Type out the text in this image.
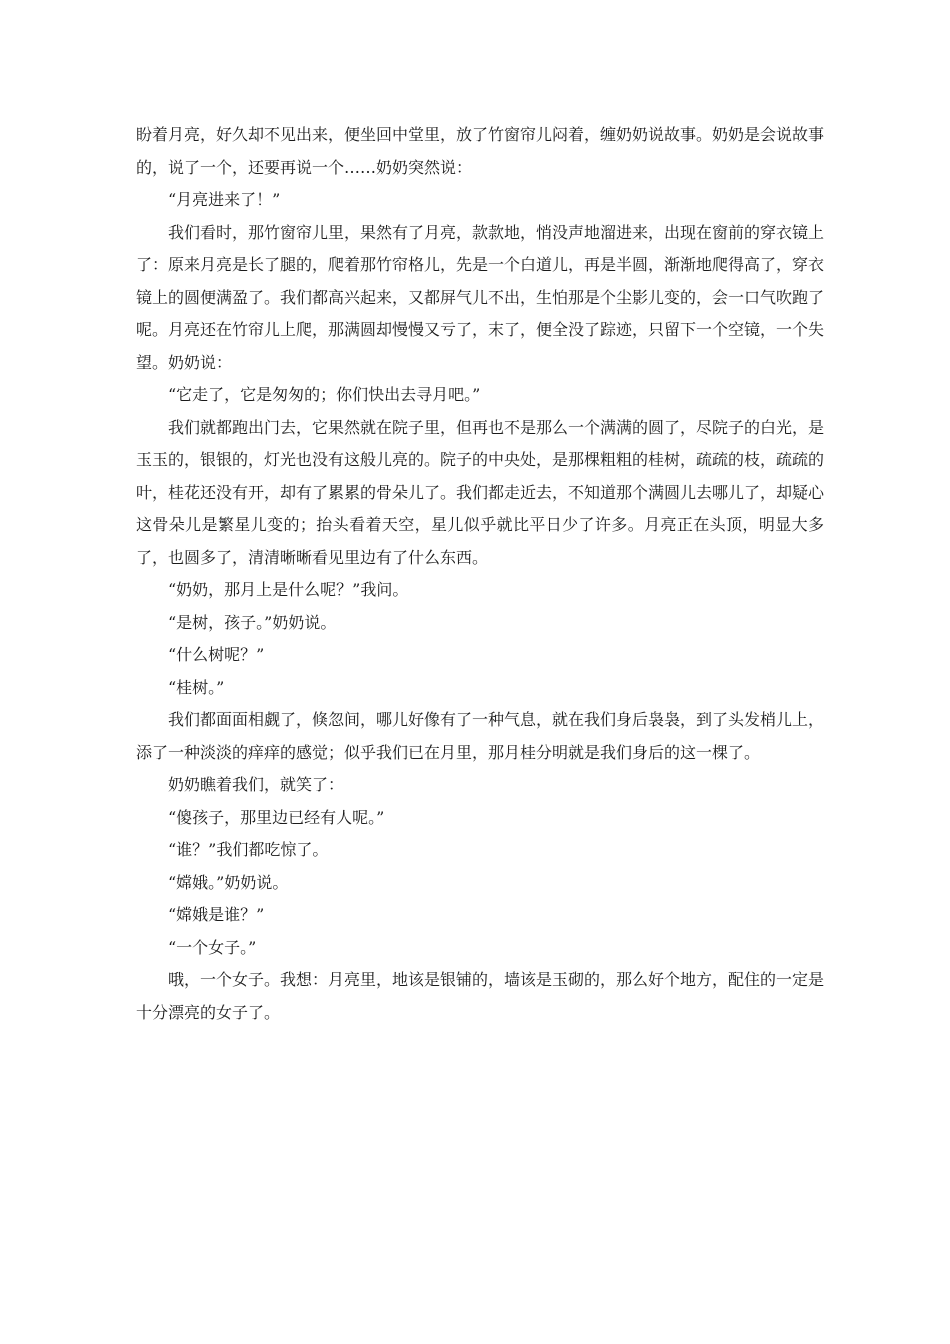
盼着月亮，好久却不见出来，便坐回中堂里，放了竹窗帘儿闷着，缠奶奶说故事。奶奶是会说故事的，说了一个，还要再说一个……奶奶突然说：

“月亮进来了！”

我们看时，那竹窗帘儿里，果然有了月亮，款款地，悄没声地溜进来，出现在窗前的穿衣镜上了：原来月亮是长了腿的，爬着那竹帘格儿，先是一个白道儿，再是半圆，渐渐地爬得高了，穿衣镜上的圆便满盈了。我们都高兴起来，又都屏气儿不出，生怕那是个尘影儿变的，会一口气吹跑了呢。月亮还在竹帘儿上爬，那满圆却慢慢又亏了，末了，便全没了踪迹，只留下一个空镜，一个失望。奶奶说：

“它走了，它是匆匆的；你们快出去寻月吧。”

我们就都跑出门去，它果然就在院子里，但再也不是那么一个满满的圆了，尽院子的白光，是玉玉的，银银的，灯光也没有这般儿亮的。院子的中央处，是那棵粗粗的桂树，疏疏的枝，疏疏的叶，桂花还没有开，却有了累累的骨朵儿了。我们都走近去，不知道那个满圆儿去哪儿了，却疑心这骨朵儿是繁星儿变的；抬头看着天空，星儿似乎就比平日少了许多。月亮正在头顶，明显大多了，也圆多了，清清晰晰看见里边有了什么东西。

“奶奶，那月上是什么呢？”我问。

“是树，孩子。”奶奶说。

“什么树呢？”

“桂树。”

我们都面面相觑了，倏忽间，哪儿好像有了一种气息，就在我们身后袅袅，到了头发梢儿上，添了一种淡淡的痒痒的感觉；似乎我们已在月里，那月桂分明就是我们身后的这一棵了。

奶奶瞧着我们，就笑了：

“傻孩子，那里边已经有人呢。”

“谁？”我们都吃惊了。

“嫦娥。”奶奶说。

“嫦娥是谁？”

“一个女子。”

哦，一个女子。我想：月亮里，地该是银铺的，墙该是玉砌的，那么好个地方，配住的一定是十分漂亮的女子了。
